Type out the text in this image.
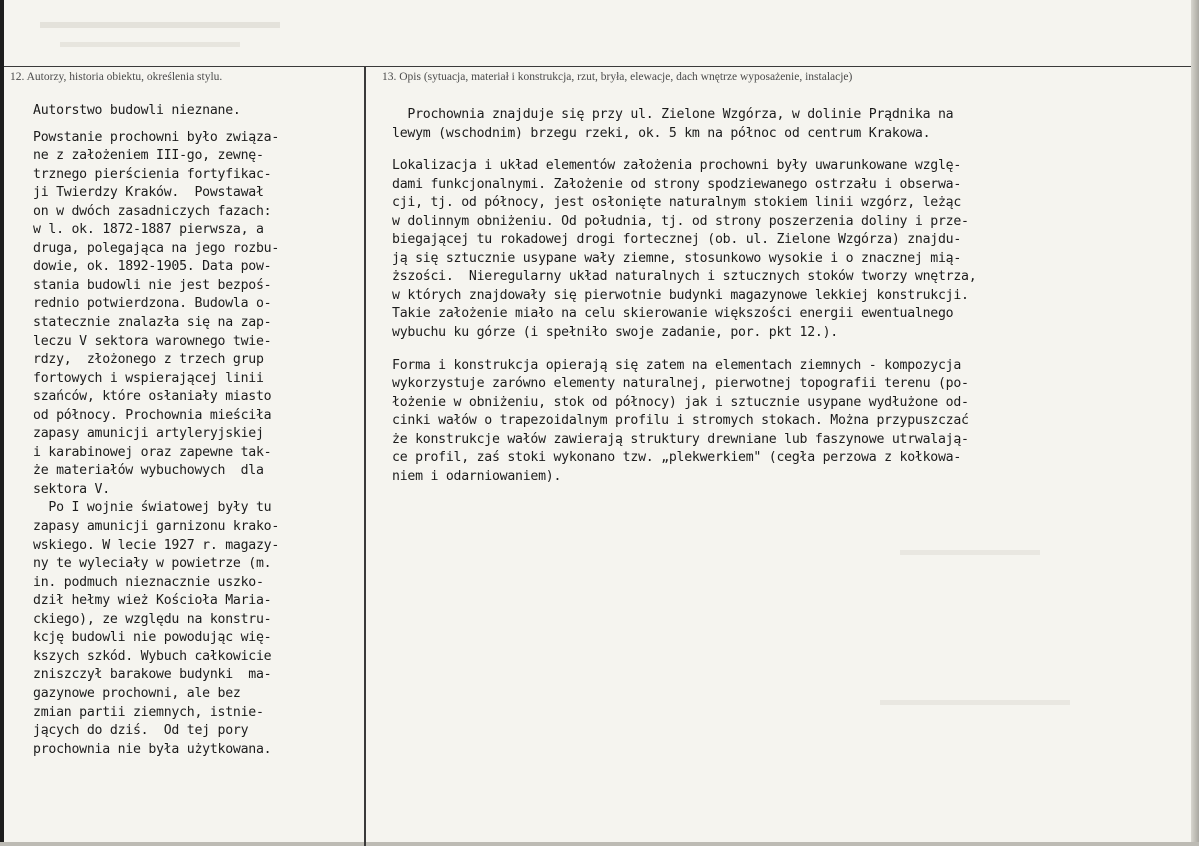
12. Autorzy, historia obiektu, określenia stylu.	13. Opis (sytuacja, materiał i konstrukcja, rzut, bryła, elewacje, dach wnętrze wyposażenie, instalacje)
Autorstwo budowli nieznane.
Powstanie prochowni było związa-
ne z założeniem III-go, zewnę-
trznego pierścienia fortyfikac-
ji Twierdzy Kraków.  Powstawał
on w dwóch zasadniczych fazach:
w l. ok. 1872-1887 pierwsza, a
druga, polegająca na jego rozbu-
dowie, ok. 1892-1905. Data pow-
stania budowli nie jest bezpoś-
rednio potwierdzona. Budowla o-
statecznie znalazła się na zap-
leczu V sektora warownego twie-
rdzy,  złożonego z trzech grup
fortowych i wspierającej linii
szańców, które osłaniały miasto
od północy. Prochownia mieściła
zapasy amunicji artyleryjskiej
i karabinowej oraz zapewne tak-
że materiałów wybuchowych  dla
sektora V.
Po I wojnie światowej były tu
zapasy amunicji garnizonu krako-
wskiego. W lecie 1927 r. magazy-
ny te wyleciały w powietrze (m.
in. podmuch nieznacznie uszko-
dził hełmy wież Kościoła Maria-
ckiego), ze względu na konstru-
kcję budowli nie powodując wię-
kszych szkód. Wybuch całkowicie
zniszczył barakowe budynki  ma-
gazynowe prochowni, ale bez
zmian partii ziemnych, istnie-
jących do dziś.  Od tej pory
prochownia nie była użytkowana.
Prochownia znajduje się przy ul. Zielone Wzgórza, w dolinie Prądnika na
lewym (wschodnim) brzegu rzeki, ok. 5 km na północ od centrum Krakowa.
Lokalizacja i układ elementów założenia prochowni były uwarunkowane wzglę-
dami funkcjonalnymi. Założenie od strony spodziewanego ostrzału i obserwa-
cji, tj. od północy, jest osłonięte naturalnym stokiem linii wzgórz, leżąc
w dolinnym obniżeniu. Od południa, tj. od strony poszerzenia doliny i prze-
biegającej tu rokadowej drogi fortecznej (ob. ul. Zielone Wzgórza) znajdu-
ją się sztucznie usypane wały ziemne, stosunkowo wysokie i o znacznej mią-
ższości.  Nieregularny układ naturalnych i sztucznych stoków tworzy wnętrza,
w których znajdowały się pierwotnie budynki magazynowe lekkiej konstrukcji.
Takie założenie miało na celu skierowanie większości energii ewentualnego
wybuchu ku górze (i spełniło swoje zadanie, por. pkt 12.).
Forma i konstrukcja opierają się zatem na elementach ziemnych - kompozycja
wykorzystuje zarówno elementy naturalnej, pierwotnej topografii terenu (po-
łożenie w obniżeniu, stok od północy) jak i sztucznie usypane wydłużone od-
cinki wałów o trapezoidalnym profilu i stromych stokach. Można przypuszczać
że konstrukcje wałów zawierają struktury drewniane lub faszynowe utrwalają-
ce profil, zaś stoki wykonano tzw. „plekwerkiem" (cegła perzowa z kołkowa-
niem i odarniowaniem).
